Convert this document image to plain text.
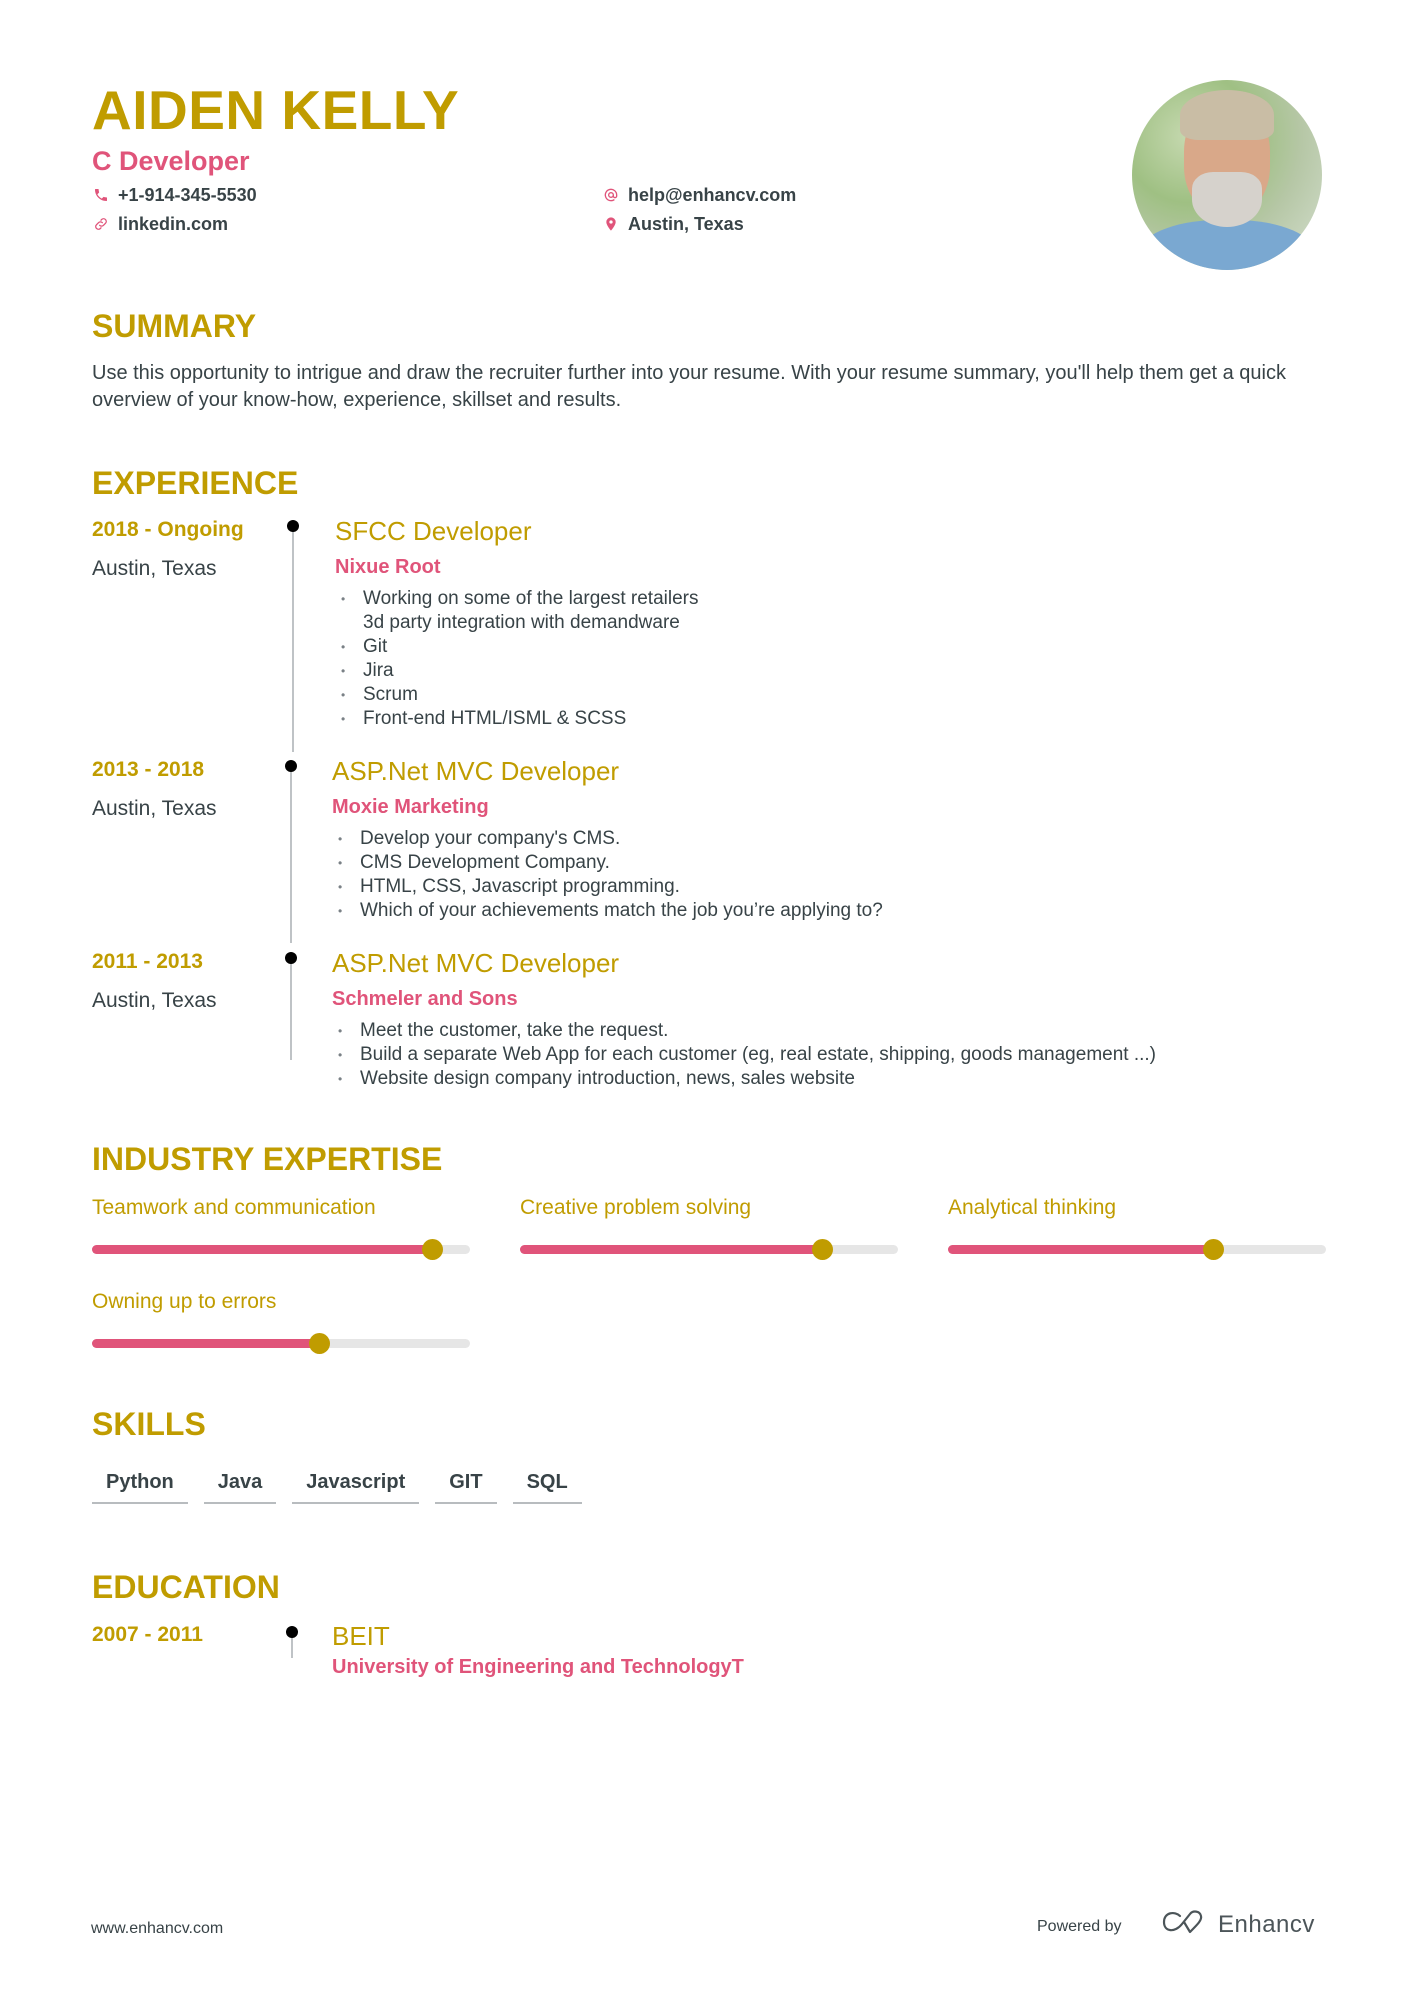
AIDEN KELLY
C Developer
+1-914-345-5530
linkedin.com
help@enhancv.com
Austin, Texas
SUMMARY
Use this opportunity to intrigue and draw the recruiter further into your resume. With your resume summary, you'll help them get a quick overview of your know-how, experience, skillset and results.
EXPERIENCE
2018 - Ongoing
Austin, Texas
SFCC Developer
Nixue Root
• Working on some of the largest retailers
3d party integration with demandware
• Git
• Jira
• Scrum
• Front-end HTML/ISML & SCSS
2013 - 2018
Austin, Texas
ASP.Net MVC Developer
Moxie Marketing
• Develop your company's CMS.
• CMS Development Company.
• HTML, CSS, Javascript programming.
• Which of your achievements match the job you’re applying to?
2011 - 2013
Austin, Texas
ASP.Net MVC Developer
Schmeler and Sons
• Meet the customer, take the request.
• Build a separate Web App for each customer (eg, real estate, shipping, goods management ...)
• Website design company introduction, news, sales website
INDUSTRY EXPERTISE
Teamwork and communication	Creative problem solving	Analytical thinking
Owning up to errors
SKILLS
Python	Java	Javascript	GIT	SQL
EDUCATION
2007 - 2011	BEIT
University of Engineering and TechnologyT
www.enhancv.com	Powered by	Enhancv
